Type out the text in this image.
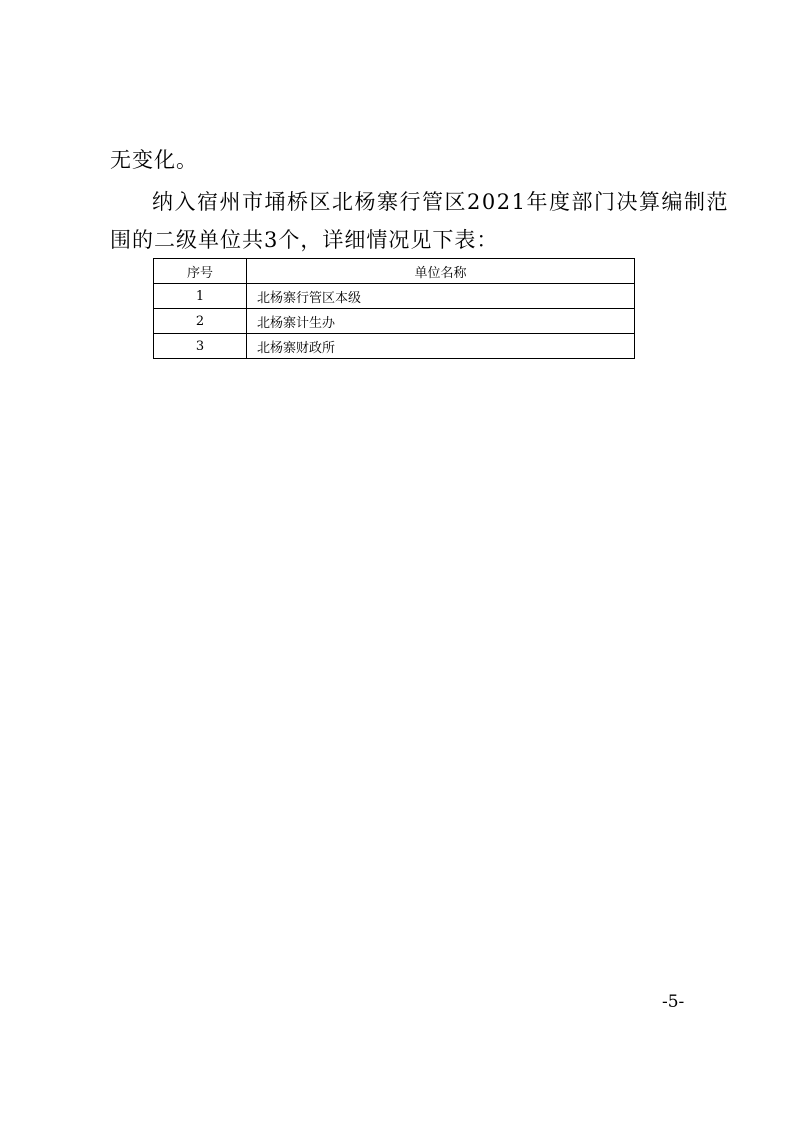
无变化。
纳入宿州市埇桥区北杨寨行管区2021年度部门决算编制范
围的二级单位共3个，详细情况见下表：
序号	单位名称
1	北杨寨行管区本级
2	北杨寨计生办
3	北杨寨财政所
-5-
